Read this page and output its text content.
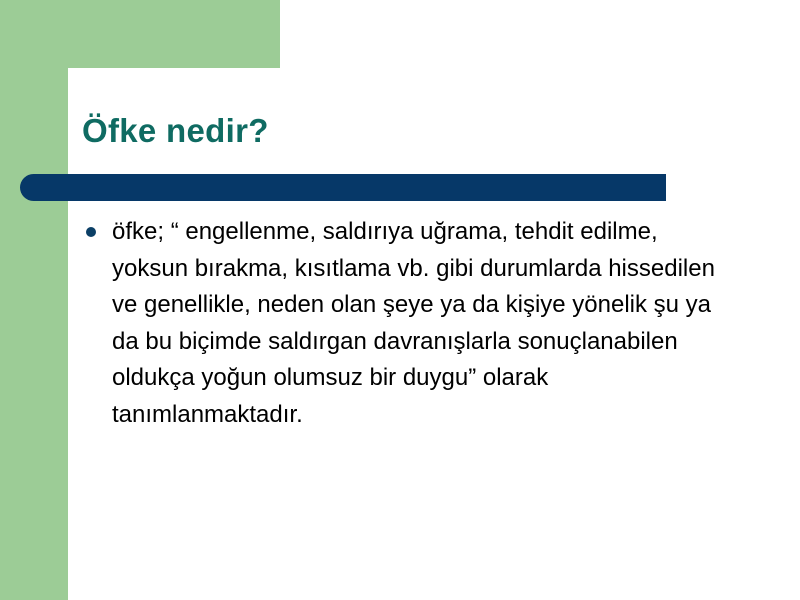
Öfke nedir?
öfke; “ engellenme, saldırıya uğrama, tehdit edilme, yoksun bırakma, kısıtlama vb. gibi durumlarda hissedilen ve genellikle, neden olan şeye ya da kişiye yönelik şu ya da bu biçimde saldırgan davranışlarla sonuçlanabilen oldukça yoğun olumsuz bir duygu” olarak tanımlanmaktadır.
